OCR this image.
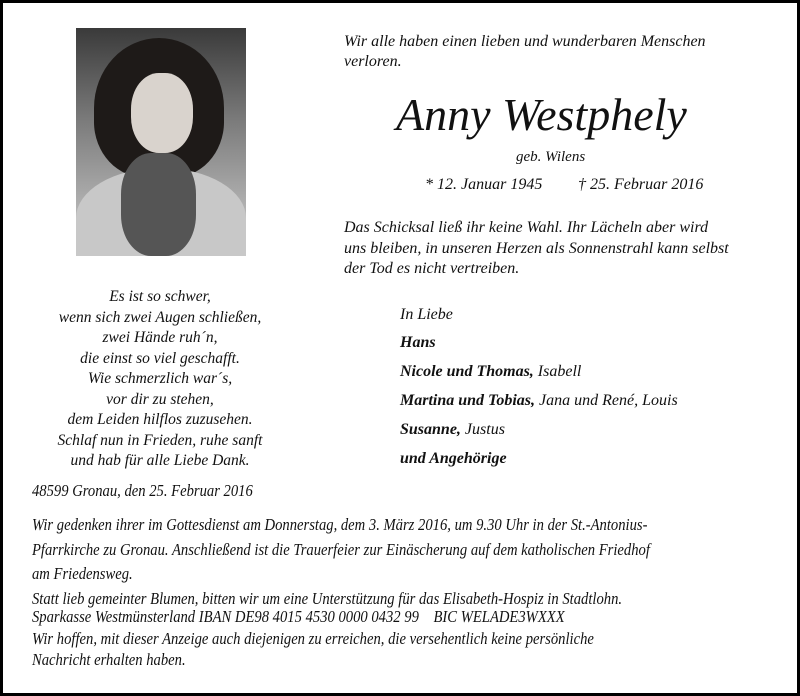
Wir alle haben einen lieben und wunderbaren Menschen
verloren.
Anny Westphely
geb. Wilens
* 12. Januar 1945 † 25. Februar 2016
Das Schicksal ließ ihr keine Wahl. Ihr Lächeln aber wird
uns bleiben, in unseren Herzen als Sonnenstrahl kann selbst
der Tod es nicht vertreiben.
Es ist so schwer,
wenn sich zwei Augen schließen,
zwei Hände ruh´n,
die einst so viel geschafft.
Wie schmerzlich war´s,
vor dir zu stehen,
dem Leiden hilflos zuzusehen.
Schlaf nun in Frieden, ruhe sanft
und hab für alle Liebe Dank.
In Liebe
Hans
Nicole und Thomas, Isabell
Martina und Tobias, Jana und René, Louis
Susanne, Justus
und Angehörige
48599 Gronau, den 25. Februar 2016
Wir gedenken ihrer im Gottesdienst am Donnerstag, dem 3. März 2016, um 9.30 Uhr in der St.-Antonius-
Pfarrkirche zu Gronau. Anschließend ist die Trauerfeier zur Einäscherung auf dem katholischen Friedhof
am Friedensweg.
Statt lieb gemeinter Blumen, bitten wir um eine Unterstützung für das Elisabeth-Hospiz in Stadtlohn.
Sparkasse Westmünsterland IBAN DE98 4015 4530 0000 0432 99    BIC WELADE3WXXX
Wir hoffen, mit dieser Anzeige auch diejenigen zu erreichen, die versehentlich keine persönliche
Nachricht erhalten haben.
